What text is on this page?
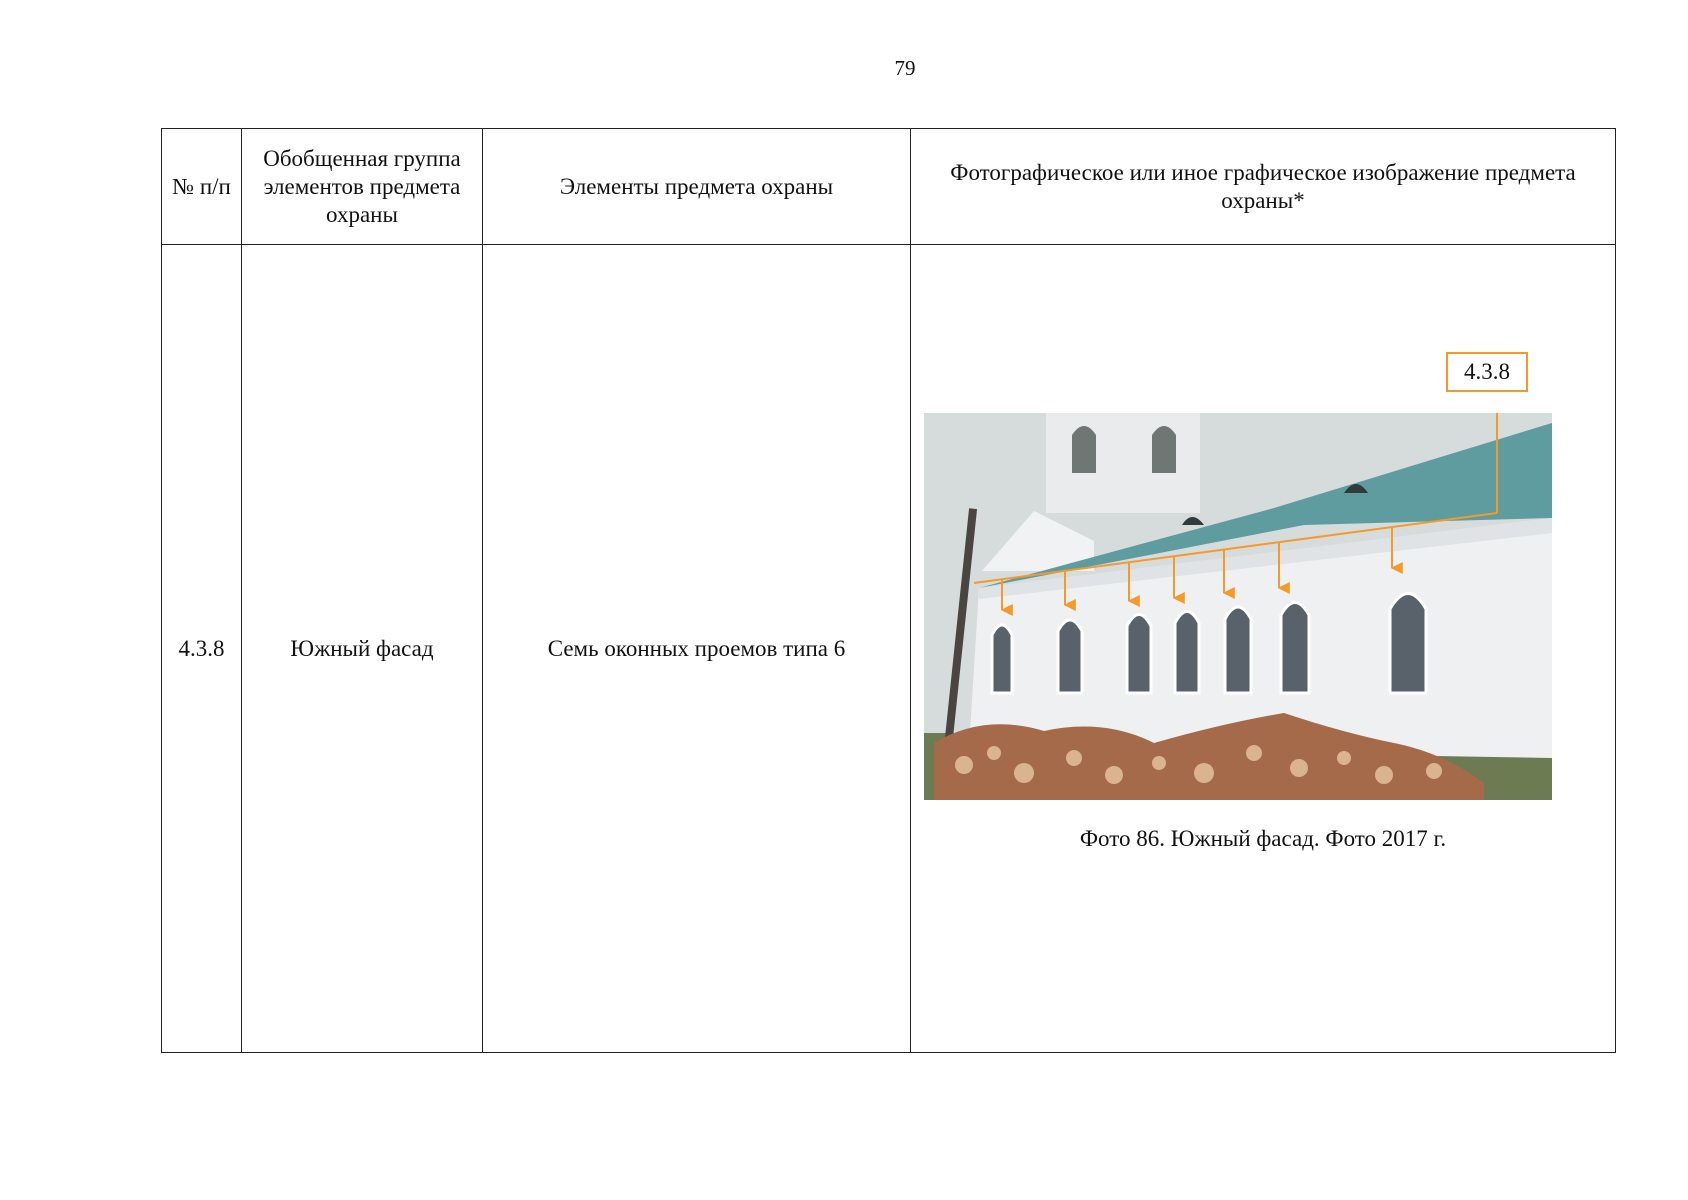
79
№ п/п	Обобщенная группа элементов предмета охраны	Элементы предмета охраны	Фотографическое или иное графическое изображение предмета охраны*
4.3.8	Южный фасад	Семь оконных проемов типа 6	4.3.8
Фото 86. Южный фасад. Фото 2017 г.
